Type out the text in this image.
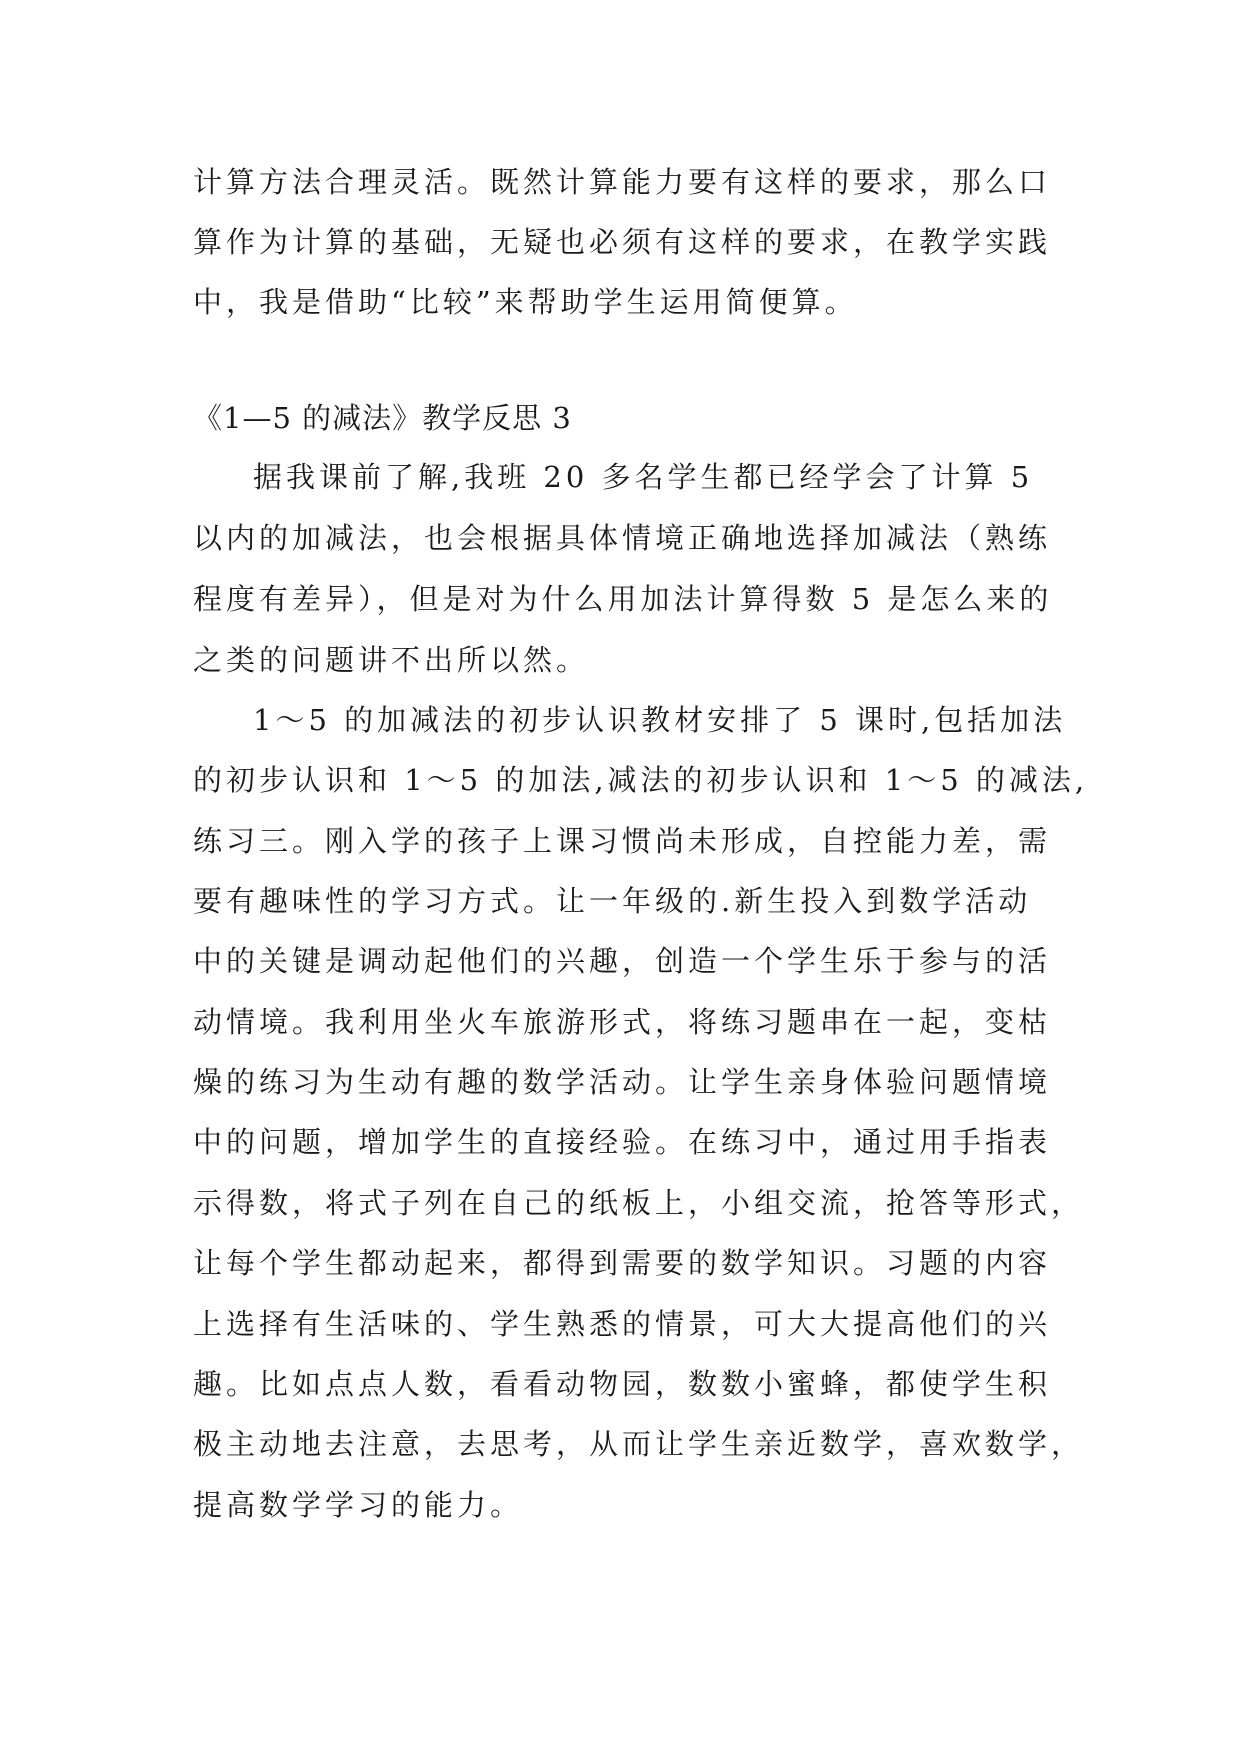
计算方法合理灵活。既然计算能力要有这样的要求，那么口
算作为计算的基础，无疑也必须有这样的要求，在教学实践
中，我是借助“比较”来帮助学生运用简便算。
《1—5 的减法》教学反思 3
据我课前了解,我班 20 多名学生都已经学会了计算 5
以内的加减法，也会根据具体情境正确地选择加减法（熟练
程度有差异），但是对为什么用加法计算得数 5 是怎么来的
之类的问题讲不出所以然。
1～5 的加减法的初步认识教材安排了 5 课时,包括加法
的初步认识和 1～5 的加法,减法的初步认识和 1～5 的减法,
练习三。刚入学的孩子上课习惯尚未形成，自控能力差，需
要有趣味性的学习方式。让一年级的.新生投入到数学活动
中的关键是调动起他们的兴趣，创造一个学生乐于参与的活
动情境。我利用坐火车旅游形式，将练习题串在一起，变枯
燥的练习为生动有趣的数学活动。让学生亲身体验问题情境
中的问题，增加学生的直接经验。在练习中，通过用手指表
示得数，将式子列在自己的纸板上，小组交流，抢答等形式，
让每个学生都动起来，都得到需要的数学知识。习题的内容
上选择有生活味的、学生熟悉的情景，可大大提高他们的兴
趣。比如点点人数，看看动物园，数数小蜜蜂，都使学生积
极主动地去注意，去思考，从而让学生亲近数学，喜欢数学，
提高数学学习的能力。
